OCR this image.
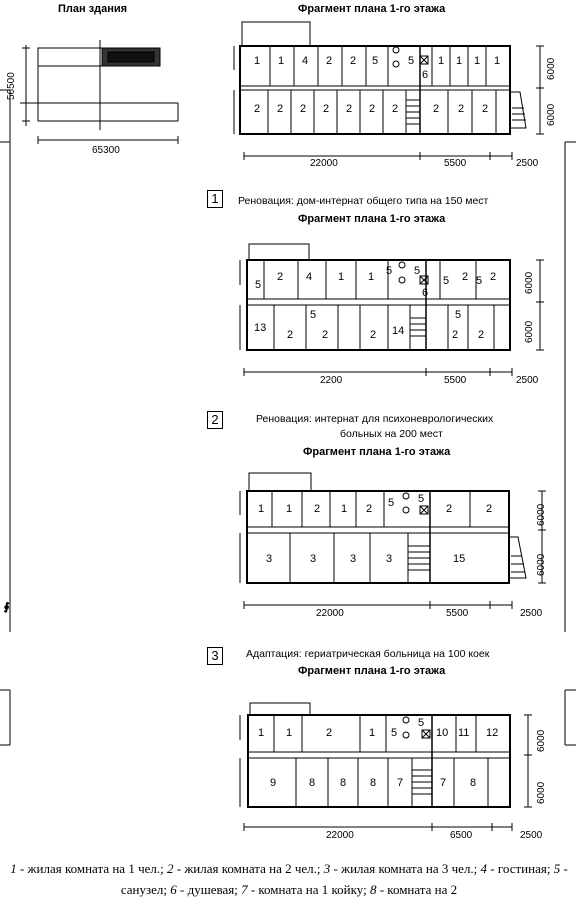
План здания	Фрагмент плана 1-го этажа
1	Реновация: дом-интернат общего типа на 150 мест
Фрагмент плана 1-го этажа
2	Реновация: интернат для психоневрологических
больных на 200 мест
Фрагмент плана 1-го этажа
3	Адаптация: гериатрическая больница на 100 коек
Фрагмент плана 1-го этажа
∮
56500
65300
1 1 4 2 2 5	5
6
1 1 1 1
2 2 2 2 2 2 2	2 2 2
22000	5500	2500
6000
6000
5
2 4 1 1 5 5
6
5 2 5 2
13
2
5
2	2 14
5
2 2
2200	5500	2500
6000
6000
1 1 2 1 2 5 5
2	2
3	3	3	3	15
22000	5500	2500
6000
6000
1 1	2	1 5
5
10 11 12
9	8 8 8 7	7 8
22000	6500	2500
6000
6000
1 - жилая комната на 1 чел.; 2 - жилая комната на 2 чел.; 3 - жилая комната на 3 чел.; 4 - гостиная; 5 - санузел; 6 - душевая; 7 - комната на 1 койку; 8 - комната на 2
